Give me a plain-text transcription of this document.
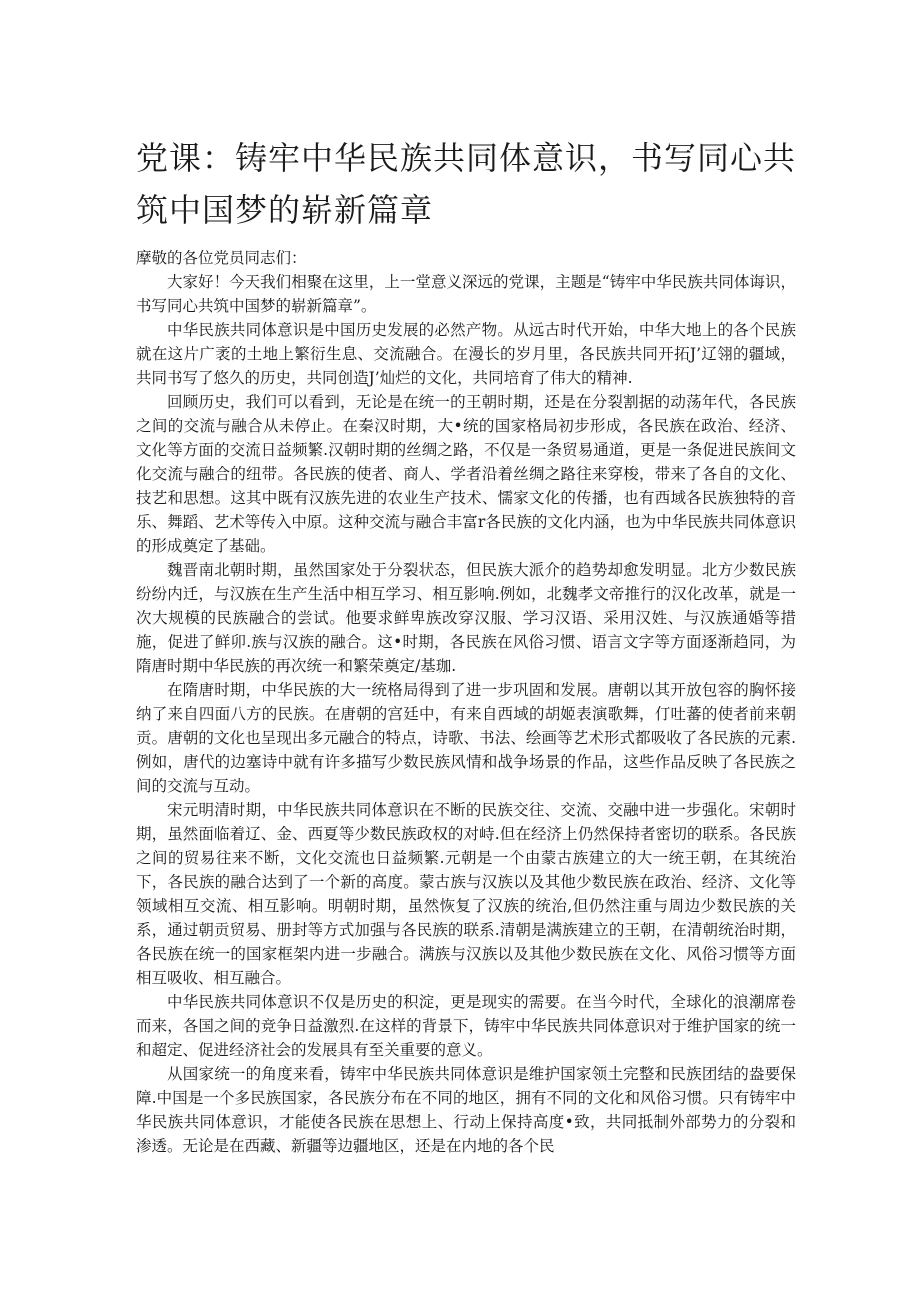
党课：铸牢中华民族共同体意识，书写同心共筑中国梦的崭新篇章

摩敬的各位党员同志们：

大家好！今天我们相聚在这里，上一堂意义深远的党课，主题是“铸牢中华民族共同体诲识，书写同心共筑中国梦的崭新篇章”。

中华民族共同体意识是中国历史发展的必然产物。从远古时代开始，中华大地上的各个民族就在这片广袤的土地上繁衍生息、交流融合。在漫长的岁月里，各民族共同开拓J’辽翎的疆域，共同书写了悠久的历史，共同创造J’灿烂的文化，共同培育了伟大的精神.

回顾历史，我们可以看到，无论是在统一的王朝时期，还是在分裂割据的动荡年代，各民族之间的交流与融合从未停止。在秦汉时期，大•统的国家格局初步形成，各民族在政治、经济、文化等方面的交流日益频繁.汉朝时期的丝绸之路，不仅是一条贸易通道，更是一条促进民族间文化交流与融合的纽带。各民族的使者、商人、学者沿着丝绸之路往来穿梭，带来了各自的文化、技艺和思想。这其中既有汉族先进的农业生产技术、懦家文化的传播，也有西域各民族独特的音乐、舞蹈、艺术等传入中原。这种交流与融合丰富r各民族的文化内涵，也为中华民族共同体意识的形成奠定了基础。

魏晋南北朝时期，虽然国家处于分裂状态，但民族大派介的趋势却愈发明显。北方少数民族纷纷内迁，与汉族在生产生活中相互学习、相互影响.例如，北魏孝文帝推行的汉化改革，就是一次大规模的民族融合的尝试。他要求鲜卑族改穿汉服、学习汉语、采用汉姓、与汉族通婚等措施，促进了鲜卯.族与汉族的融合。这•时期，各民族在风俗习惯、语言文字等方面逐渐趋同，为隋唐时期中华民族的再次统一和繁荣奠定/基珈.

在隋唐时期，中华民族的大一统格局得到了进一步巩固和发展。唐朝以其开放包容的胸怀接纳了来自四面八方的民族。在唐朝的宫廷中，有来自西域的胡姬表演歌舞，仃吐蕃的使者前来朝贡。唐朝的文化也呈现出多元融合的特点，诗歌、书法、绘画等艺术形式都吸收了各民族的元素.例如，唐代的边塞诗中就有许多描写少数民族风情和战争场景的作品，这些作品反映了各民族之间的交流与互动。

宋元明清时期，中华民族共同体意识在不断的民族交往、交流、交融中进一步强化。宋朝时期，虽然面临着辽、金、西夏等少数民族政权的对峙.但在经济上仍然保持者密切的联系。各民族之间的贸易往来不断，文化交流也日益频繁.元朝是一个由蒙古族建立的大一统王朝，在其统治下，各民族的融合达到了一个新的高度。蒙古族与汉族以及其他少数民族在政治、经济、文化等领域相互交流、相互影响。明朝时期，虽然恢复了汉族的统治,但仍然注重与周边少数民族的关系，通过朝贡贸易、册封等方式加强与各民族的联系.清朝是满族建立的王朝，在清朝统治时期，各民族在统一的国家框架内进一步融合。满族与汉族以及其他少数民族在文化、风俗习惯等方面相互吸收、相互融合。

中华民族共同体意识不仅是历史的积淀，更是现实的需要。在当今时代，全球化的浪潮席卷而来，各国之间的竞争日益激烈.在这样的背景下，铸牢中华民族共同体意识对于维护国家的统一和超定、促进经济社会的发展具有至关重要的意义。

从国家统一的角度来看，铸牢中华民族共同体意识是维护国家领土完整和民族团结的盎要保障.中国是一个多民族国家，各民族分布在不同的地区，拥有不同的文化和风俗习惯。只有铸牢中华民族共同体意识，才能使各民族在思想上、行动上保持高度•致，共同抵制外部势力的分裂和渗透。无论是在西藏、新疆等边疆地区，还是在内地的各个民
